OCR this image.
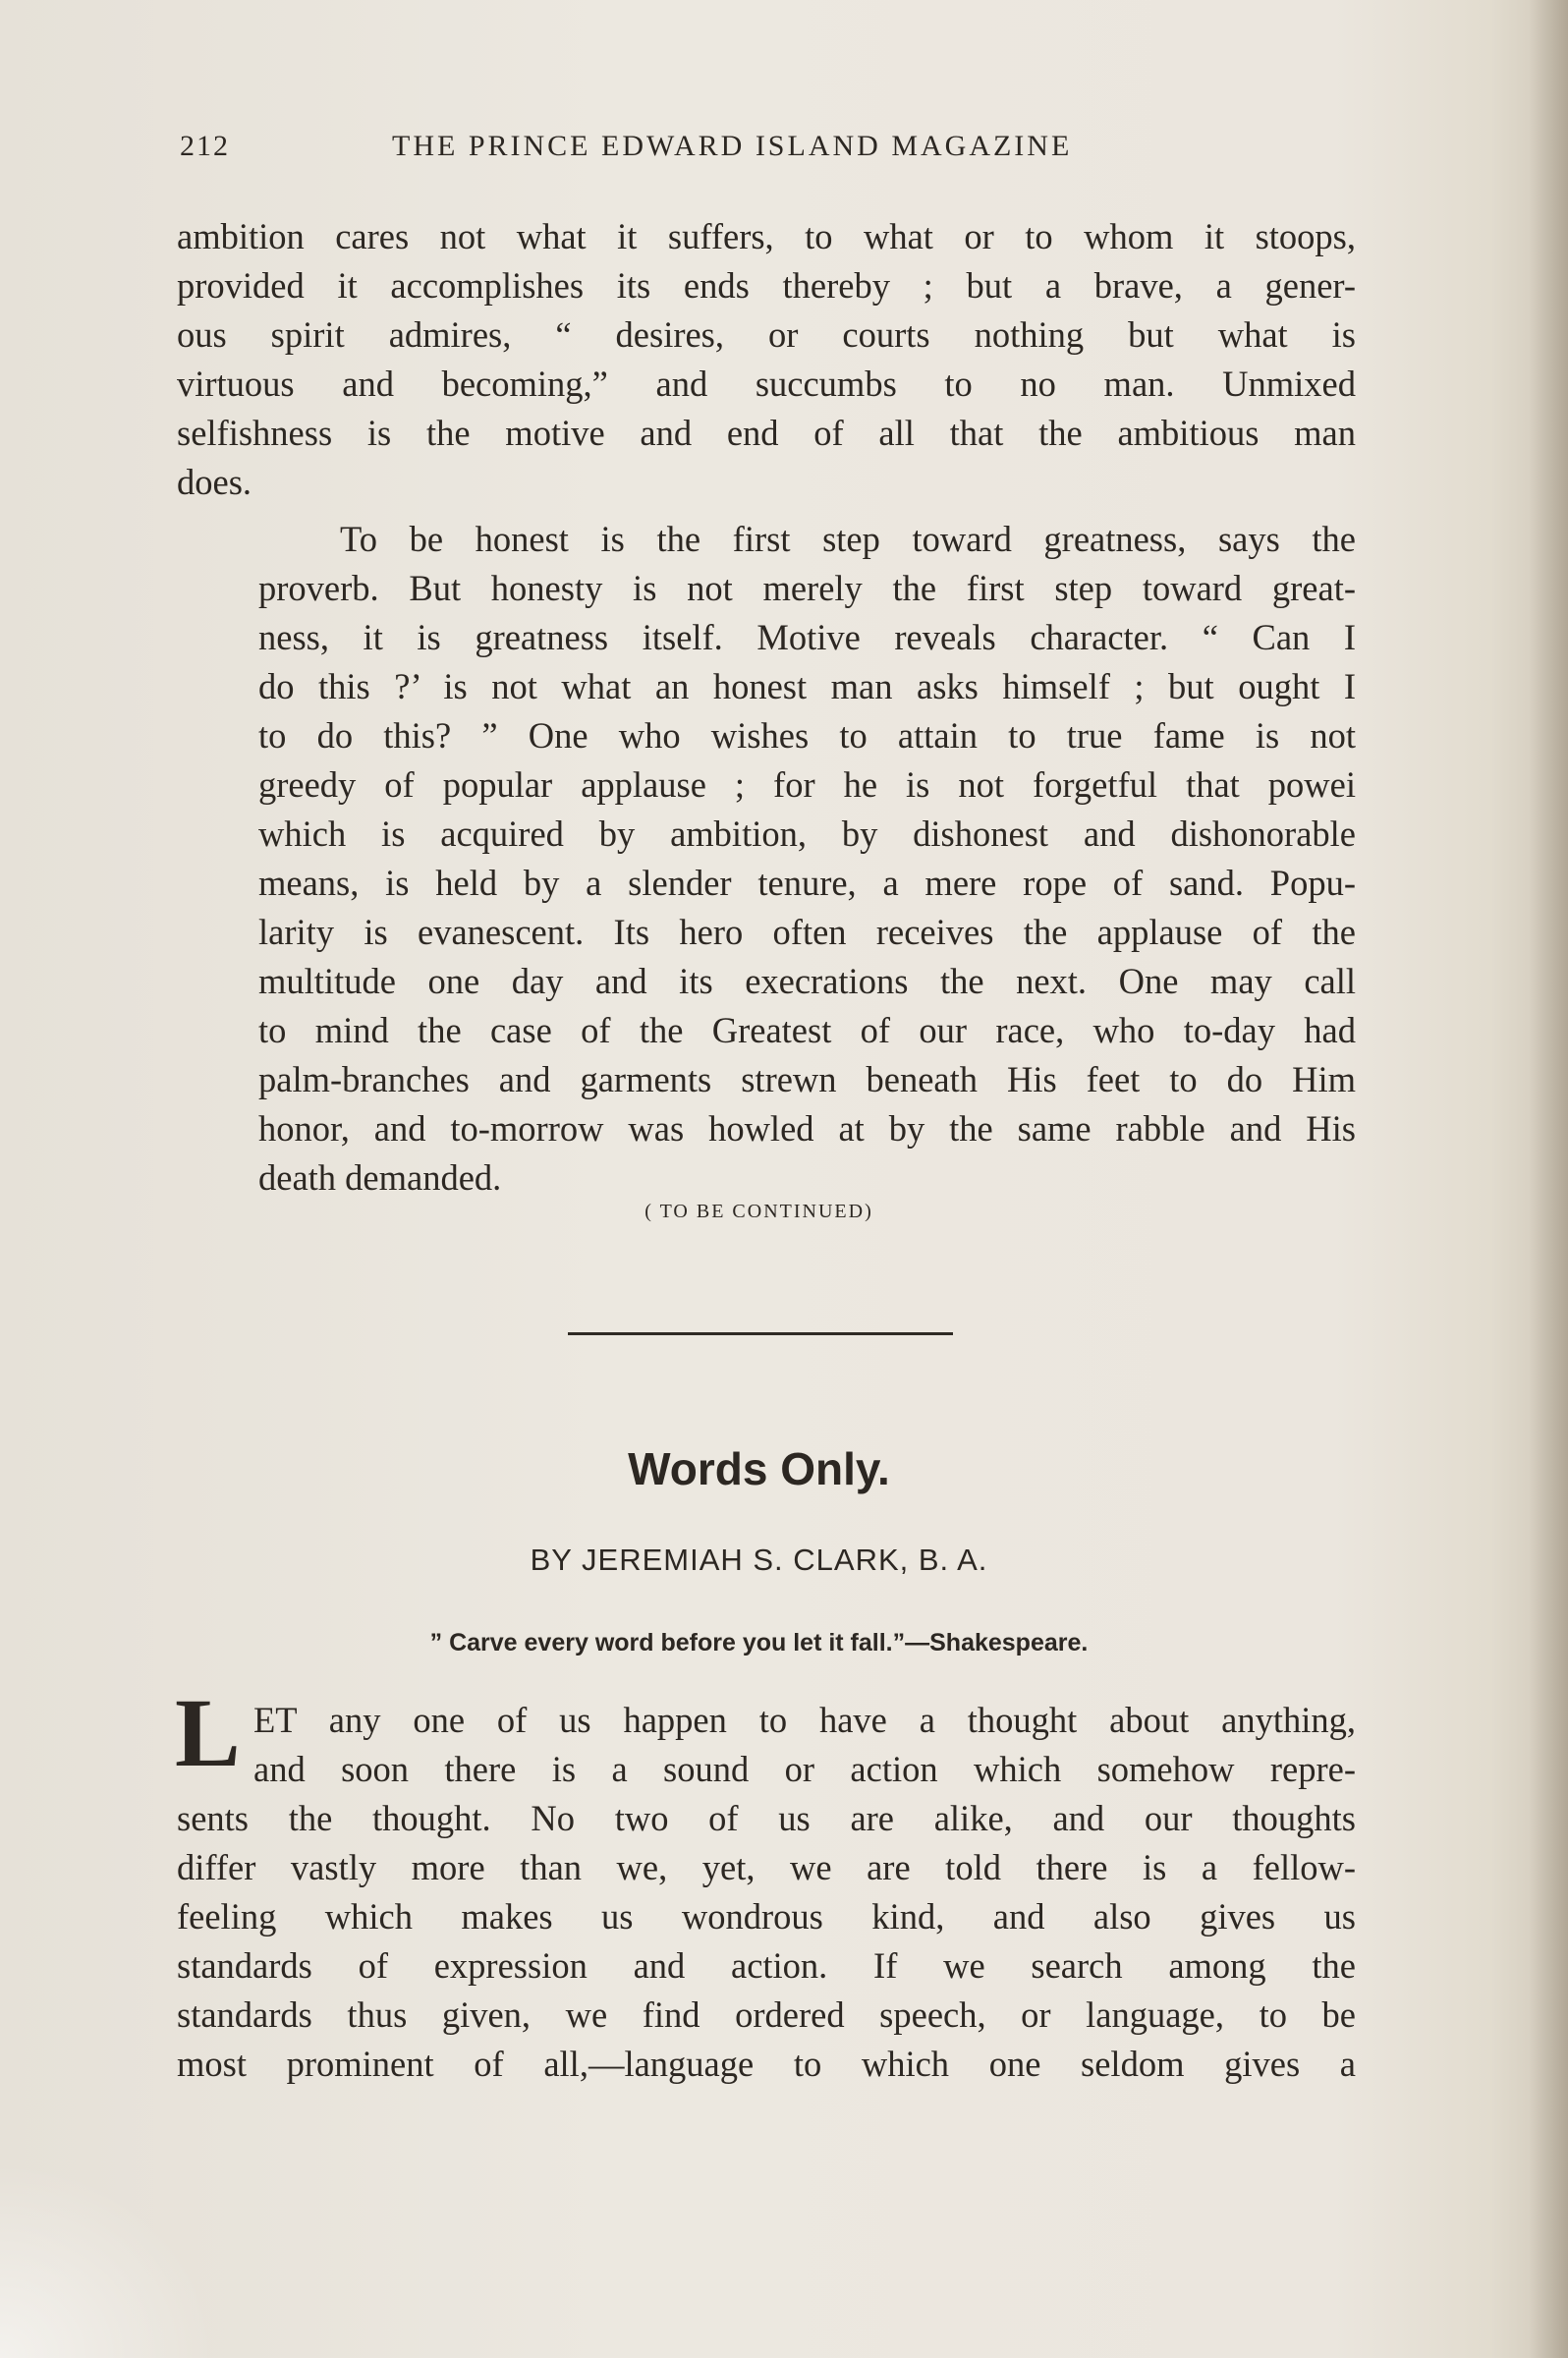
212	THE PRINCE EDWARD ISLAND MAGAZINE
ambition cares not what it suffers, to what or to whom it stoops,
provided it accomplishes its ends thereby ; but a brave, a gener-
ous spirit admires, “ desires, or courts nothing but what is
virtuous and becoming,” and succumbs to no man. Unmixed
selfishness is the motive and end of all that the ambitious man
does.
To be honest is the first step toward greatness, says the
proverb. But honesty is not merely the first step toward great-
ness, it is greatness itself. Motive reveals character. “ Can I
do this ?’ is not what an honest man asks himself ; but ought I
to do this? ” One who wishes to attain to true fame is not
greedy of popular applause ; for he is not forgetful that powei
which is acquired by ambition, by dishonest and dishonorable
means, is held by a slender tenure, a mere rope of sand. Popu-
larity is evanescent. Its hero often receives the applause of the
multitude one day and its execrations the next. One may call
to mind the case of the Greatest of our race, who to-day had
palm-branches and garments strewn beneath His feet to do Him
honor, and to-morrow was howled at by the same rabble and His
death demanded.
( TO BE CONTINUED)
Words Only.
BY JEREMIAH S. CLARK, B. A.
” Carve every word before you let it fall.”—Shakespeare.
L ET any one of us happen to have a thought about anything,
and soon there is a sound or action which somehow repre-
sents the thought. No two of us are alike, and our thoughts
differ vastly more than we, yet, we are told there is a fellow-
feeling which makes us wondrous kind, and also gives us
standards of expression and action. If we search among the
standards thus given, we find ordered speech, or language, to be
most prominent of all,—language to which one seldom gives a
